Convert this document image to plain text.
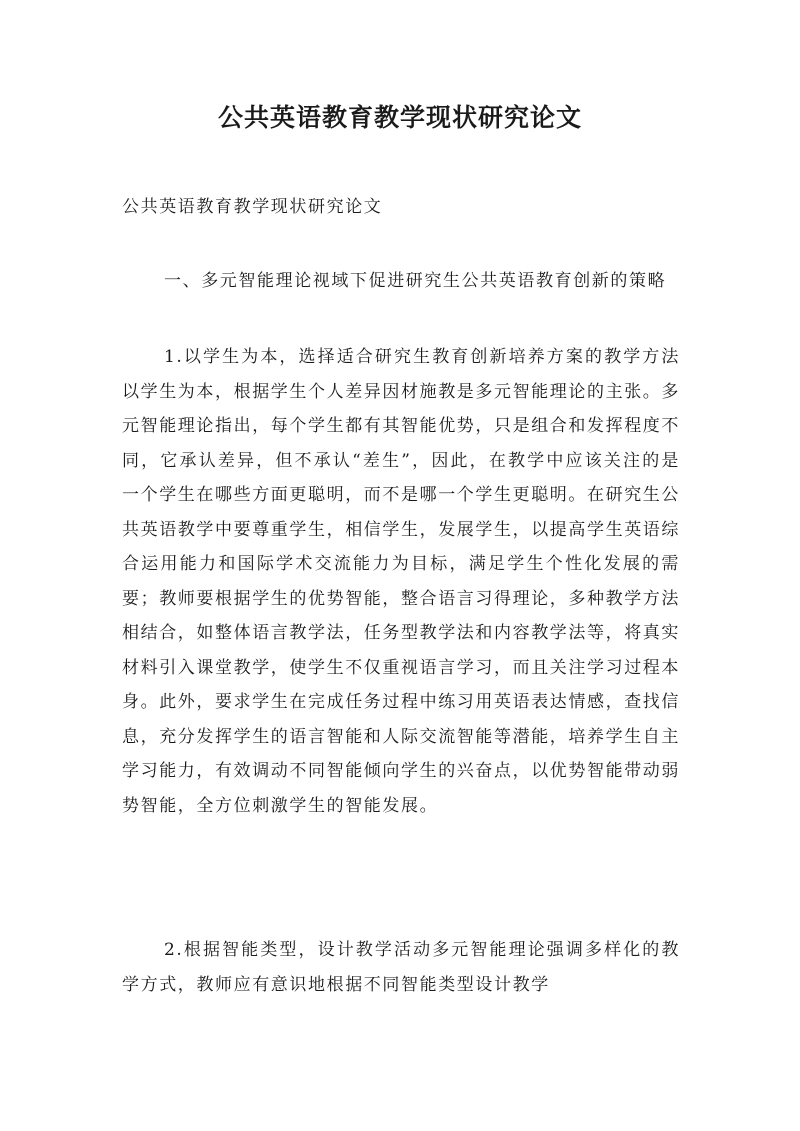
公共英语教育教学现状研究论文

公共英语教育教学现状研究论文

一、多元智能理论视域下促进研究生公共英语教育创新的策略

1.以学生为本，选择适合研究生教育创新培养方案的教学方法以学生为本，根据学生个人差异因材施教是多元智能理论的主张。多元智能理论指出，每个学生都有其智能优势，只是组合和发挥程度不同，它承认差异，但不承认“差生”，因此，在教学中应该关注的是一个学生在哪些方面更聪明，而不是哪一个学生更聪明。在研究生公共英语教学中要尊重学生，相信学生，发展学生，以提高学生英语综合运用能力和国际学术交流能力为目标，满足学生个性化发展的需要；教师要根据学生的优势智能，整合语言习得理论，多种教学方法相结合，如整体语言教学法，任务型教学法和内容教学法等，将真实材料引入课堂教学，使学生不仅重视语言学习，而且关注学习过程本身。此外，要求学生在完成任务过程中练习用英语表达情感，查找信息，充分发挥学生的语言智能和人际交流智能等潜能，培养学生自主学习能力，有效调动不同智能倾向学生的兴奋点，以优势智能带动弱势智能，全方位刺激学生的智能发展。

2.根据智能类型，设计教学活动多元智能理论强调多样化的教学方式，教师应有意识地根据不同智能类型设计教学
